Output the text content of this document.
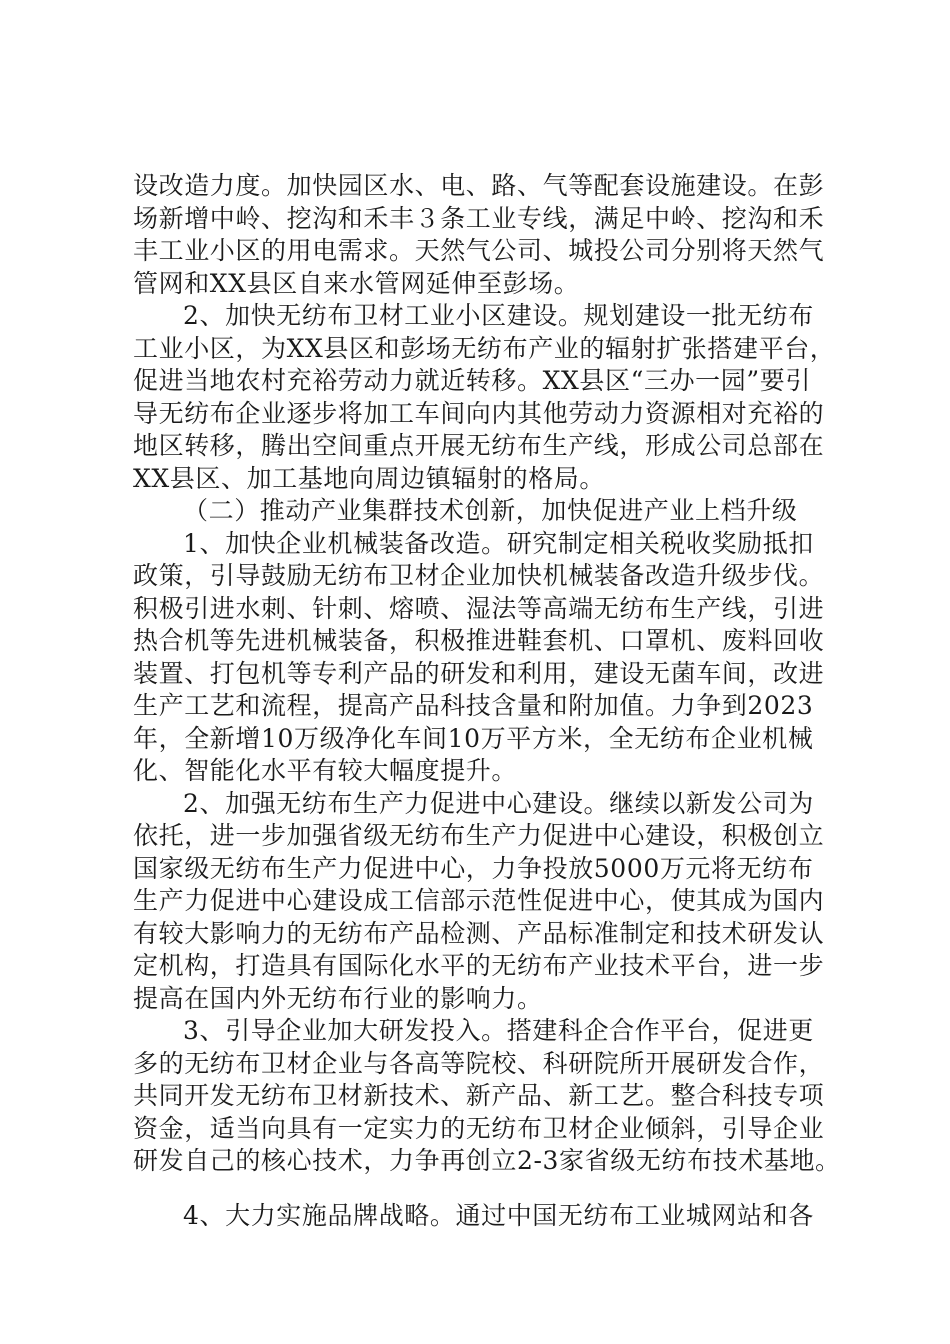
设改造力度。加快园区水、电、路、气等配套设施建设。在彭
场新增中岭、挖沟和禾丰３条工业专线，满足中岭、挖沟和禾
丰工业小区的用电需求。天然气公司、城投公司分别将天然气
管网和XX县区自来水管网延伸至彭场。
2、加快无纺布卫材工业小区建设。规划建设一批无纺布
工业小区，为XX县区和彭场无纺布产业的辐射扩张搭建平台，
促进当地农村充裕劳动力就近转移。XX县区“三办一园”要引
导无纺布企业逐步将加工车间向内其他劳动力资源相对充裕的
地区转移，腾出空间重点开展无纺布生产线，形成公司总部在
XX县区、加工基地向周边镇辐射的格局。
（二）推动产业集群技术创新，加快促进产业上档升级
1、加快企业机械装备改造。研究制定相关税收奖励抵扣
政策，引导鼓励无纺布卫材企业加快机械装备改造升级步伐。
积极引进水刺、针刺、熔喷、湿法等高端无纺布生产线，引进
热合机等先进机械装备，积极推进鞋套机、口罩机、废料回收
装置、打包机等专利产品的研发和利用，建设无菌车间，改进
生产工艺和流程，提高产品科技含量和附加值。力争到2023
年，全新增10万级净化车间10万平方米，全无纺布企业机械
化、智能化水平有较大幅度提升。
2、加强无纺布生产力促进中心建设。继续以新发公司为
依托，进一步加强省级无纺布生产力促进中心建设，积极创立
国家级无纺布生产力促进中心，力争投放5000万元将无纺布
生产力促进中心建设成工信部示范性促进中心，使其成为国内
有较大影响力的无纺布产品检测、产品标准制定和技术研发认
定机构，打造具有国际化水平的无纺布产业技术平台，进一步
提高在国内外无纺布行业的影响力。
3、引导企业加大研发投入。搭建科企合作平台，促进更
多的无纺布卫材企业与各高等院校、科研院所开展研发合作，
共同开发无纺布卫材新技术、新产品、新工艺。整合科技专项
资金，适当向具有一定实力的无纺布卫材企业倾斜，引导企业
研发自己的核心技术，力争再创立2-3家省级无纺布技术基地。
4、大力实施品牌战略。通过中国无纺布工业城网站和各
